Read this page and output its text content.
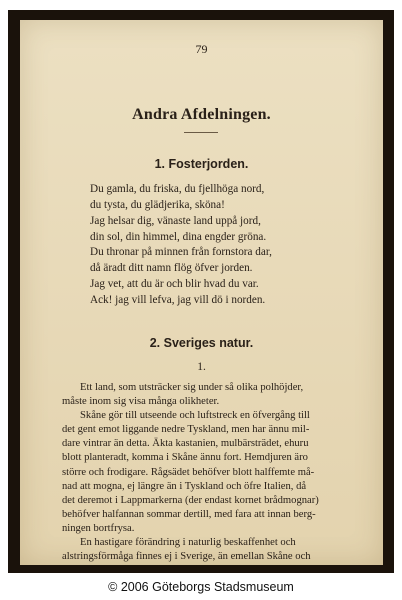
79
Andra Afdelningen.
1. Fosterjorden.
Du gamla, du friska, du fjellhöga nord,
du tysta, du glädjerika, sköna!
Jag helsar dig, vänaste land uppå jord,
din sol, din himmel, dina engder gröna.
Du thronar på minnen från fornstora dar,
då äradt ditt namn flög öfver jorden.
Jag vet, att du är och blir hvad du var.
Ack! jag vill lefva, jag vill dö i norden.
2. Sveriges natur.
1.

Ett land, som utsträcker sig under så olika polhöjder,

måste inom sig visa många olikheter.

Skåne gör till utseende och luftstreck en öfvergång till

det gent emot liggande nedre Tyskland, men har ännu mil-
dare vintrar än detta. Äkta kastanien, mulbärsträdet, ehuru
blott planteradt, komma i Skåne ännu fort. Hemdjuren äro
större och frodigare. Rågsädet behöfver blott halffemte må-
nad att mogna, ej längre än i Tyskland och öfre Italien, då
det deremot i Lappmarkerna (der endast kornet brådmognar)
behöfver halfannan sommar dertill, med fara att innan berg-
ningen bortfrysa.

En hastigare förändring i naturlig beskaffenhet och

alstringsförmåga finnes ej i Sverige, än emellan Skåne och
© 2006 Göteborgs Stadsmuseum
